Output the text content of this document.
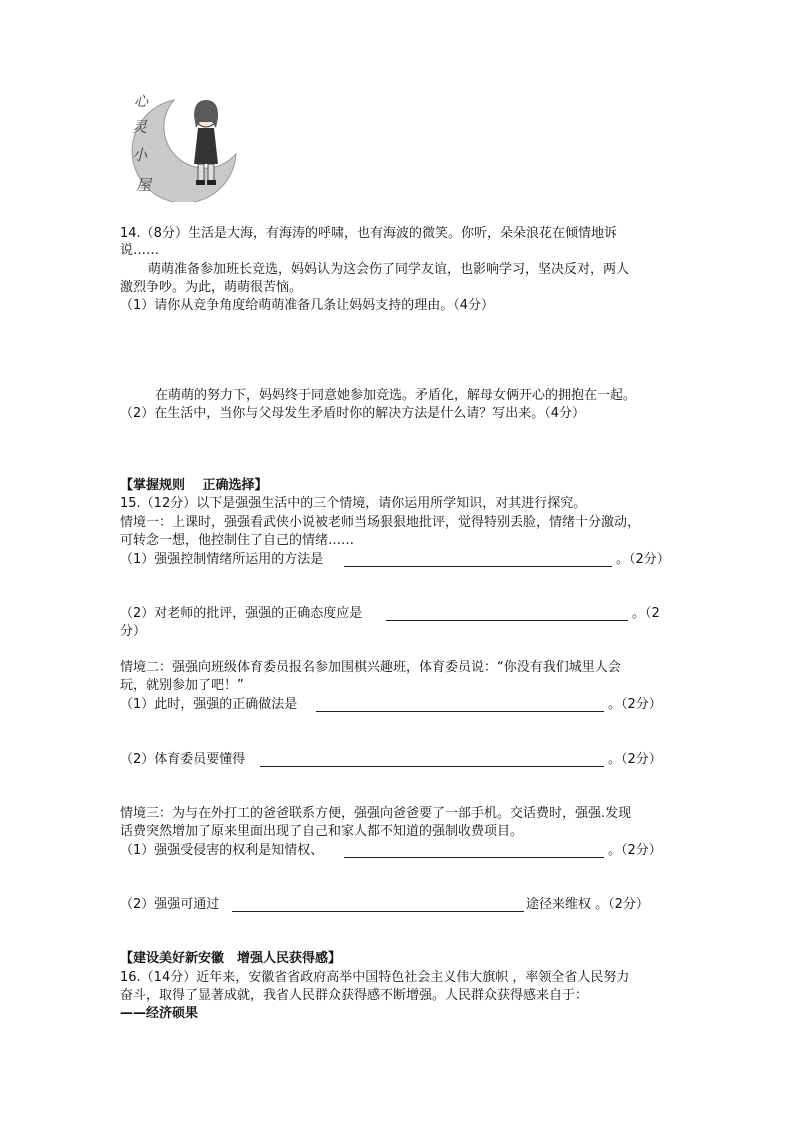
心
灵
小
屋
14.（8分）生活是大海，有海涛的呼啸，也有海波的微笑。你听，朵朵浪花在倾情地诉
说……
萌萌准备参加班长竞选，妈妈认为这会伤了同学友谊，也影响学习，坚决反对，两人
激烈争吵。为此，萌萌很苦恼。
（1）请你从竞争角度给萌萌准备几条让妈妈支持的理由。（4分）
在萌萌的努力下，妈妈终于同意她参加竞选。矛盾化，解母女俩开心的拥抱在一起。
（2）在生活中，当你与父母发生矛盾时你的解决方法是什么请？写出来。（4分）
【掌握规则　 正确选择】
15.（12分）以下是强强生活中的三个情境，请你运用所学知识，对其进行探究。
情境一：上课时，强强看武侠小说被老师当场狠狠地批评，觉得特别丢脸，情绪十分激动，
可转念一想，他控制住了自己的情绪……
（1）强强控制情绪所运用的方法是	。（2分）
（2）对老师的批评，强强的正确态度应是	。（2
分）
情境二：强强向班级体育委员报名参加围棋兴趣班，体育委员说：“你没有我们城里人会
玩，就别参加了吧！”
（1）此时，强强的正确做法是	。（2分）
（2）体育委员要懂得	。（2分）
情境三：为与在外打工的爸爸联系方便，强强向爸爸要了一部手机。交话费时，强强.发现
话费突然增加了原来里面出现了自己和家人都不知道的强制收费项目。
（1）强强受侵害的权利是知情权、	。（2分）
（2）强强可通过	途径来维权 。（2分）
【建设美好新安徽　增强人民获得感】
16.（14分）近年来，安徽省省政府高举中国特色社会主义伟大旗帜 ，率领全省人民努力
奋斗，取得了显著成就，我省人民群众获得感不断增强。人民群众获得感来自于：
——经济硕果
